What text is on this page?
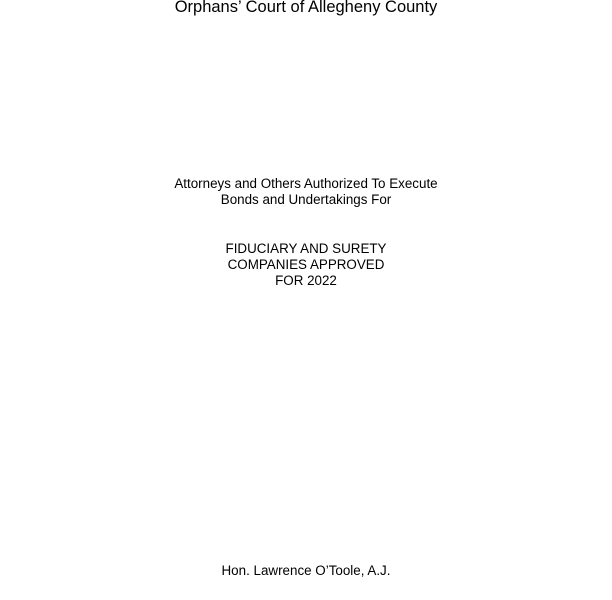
Orphans’ Court of Allegheny County
Attorneys and Others Authorized To Execute
Bonds and Undertakings For
FIDUCIARY AND SURETY
COMPANIES APPROVED
FOR 2022
Hon. Lawrence O’Toole, A.J.
